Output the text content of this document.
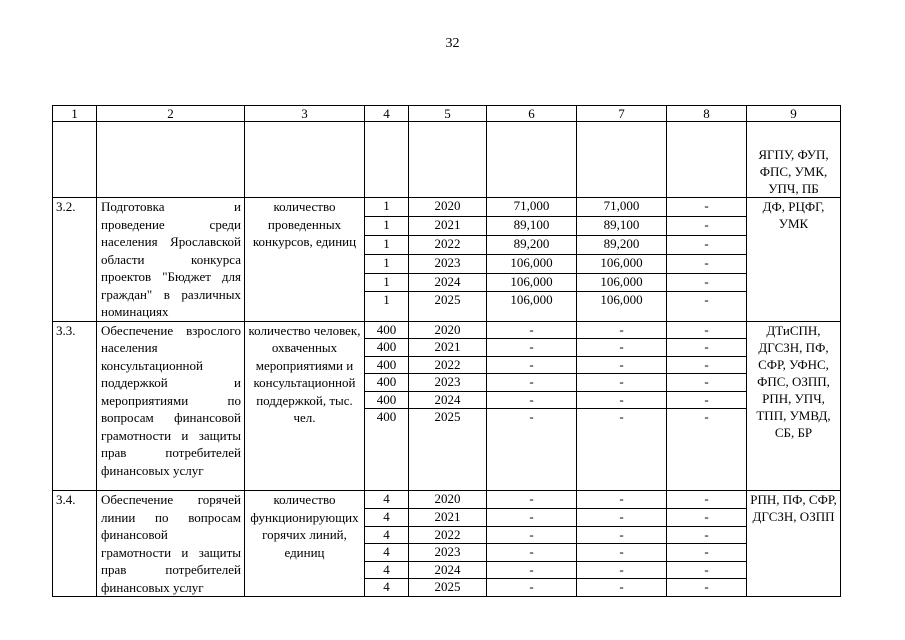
32
1	2	3	4	5	6	7	8	9
								ЯГПУ, ФУП, ФПС, УМК, УПЧ, ПБ
3.2.	Подготовка и проведение среди населения Ярославской области конкурса проектов "Бюджет для граждан" в различных номинациях	количество проведенных конкурсов, единиц	1	2020	71,000	71,000	-	ДФ, РЦФГ, УМК
			1	2021	89,100	89,100	-	
			1	2022	89,200	89,200	-	
			1	2023	106,000	106,000	-	
			1	2024	106,000	106,000	-	
			1	2025	106,000	106,000	-	
3.3.	Обеспечение взрослого населения консультационной поддержкой и мероприятиями по вопросам финансовой грамотности и защиты прав потребителей финансовых услуг	количество человек, охваченных мероприятиями и консультационной поддержкой, тыс. чел.	400	2020	-	-	-	ДТиСПН, ДГСЗН, ПФ, СФР, УФНС, ФПС, ОЗПП, РПН, УПЧ, ТПП, УМВД, СБ, БР
			400	2021	-	-	-	
			400	2022	-	-	-	
			400	2023	-	-	-	
			400	2024	-	-	-	
			400	2025	-	-	-	
3.4.	Обеспечение горячей линии по вопросам финансовой грамотности и защиты прав потребителей финансовых услуг	количество функционирующих горячих линий, единиц	4	2020	-	-	-	РПН, ПФ, СФР, ДГСЗН, ОЗПП
			4	2021	-	-	-	
			4	2022	-	-	-	
			4	2023	-	-	-	
			4	2024	-	-	-	
			4	2025	-	-	-	
